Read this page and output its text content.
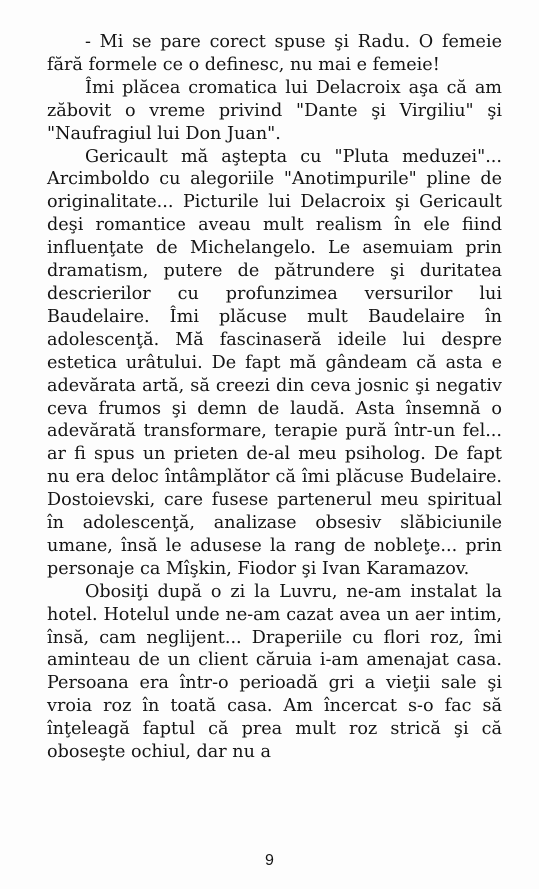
- Mi se pare corect spuse şi Radu. O femeie fără formele ce o definesc, nu mai e femeie!

Îmi plăcea cromatica lui Delacroix aşa că am zăbovit o vreme privind "Dante şi Virgiliu" şi "Naufragiul lui Don Juan".

Gericault mă aştepta cu "Pluta meduzei"... Arcimboldo cu alegoriile "Anotimpurile" pline de originalitate... Picturile lui Delacroix şi Gericault deşi romantice aveau mult realism în ele fiind influenţate de Michelangelo. Le asemuiam prin dramatism, putere de pătrundere şi duritatea descrierilor cu profunzimea versurilor lui Baudelaire. Îmi plăcuse mult Baudelaire în adolescenţă. Mă fascinaseră ideile lui despre estetica urâtului. De fapt mă gândeam că asta e adevărata artă, să creezi din ceva josnic şi negativ ceva frumos şi demn de laudă. Asta însemnă o adevărată transformare, terapie pură într-un fel... ar fi spus un prieten de-al meu psiholog. De fapt nu era deloc întâmplător că îmi plăcuse Budelaire. Dostoievski, care fusese partenerul meu spiritual în adolescenţă, analizase obsesiv slăbiciunile umane, însă le adusese la rang de nobleţe... prin personaje ca Mîşkin, Fiodor şi Ivan Karamazov.

Obosiţi după o zi la Luvru, ne-am instalat la hotel. Hotelul unde ne-am cazat avea un aer intim, însă, cam neglijent... Draperiile cu flori roz, îmi aminteau de un client căruia i-am amenajat casa. Persoana era într-o perioadă gri a vieţii sale şi vroia roz în toată casa. Am încercat s-o fac să înţeleagă faptul că prea mult roz strică şi că oboseşte ochiul, dar nu a

9
